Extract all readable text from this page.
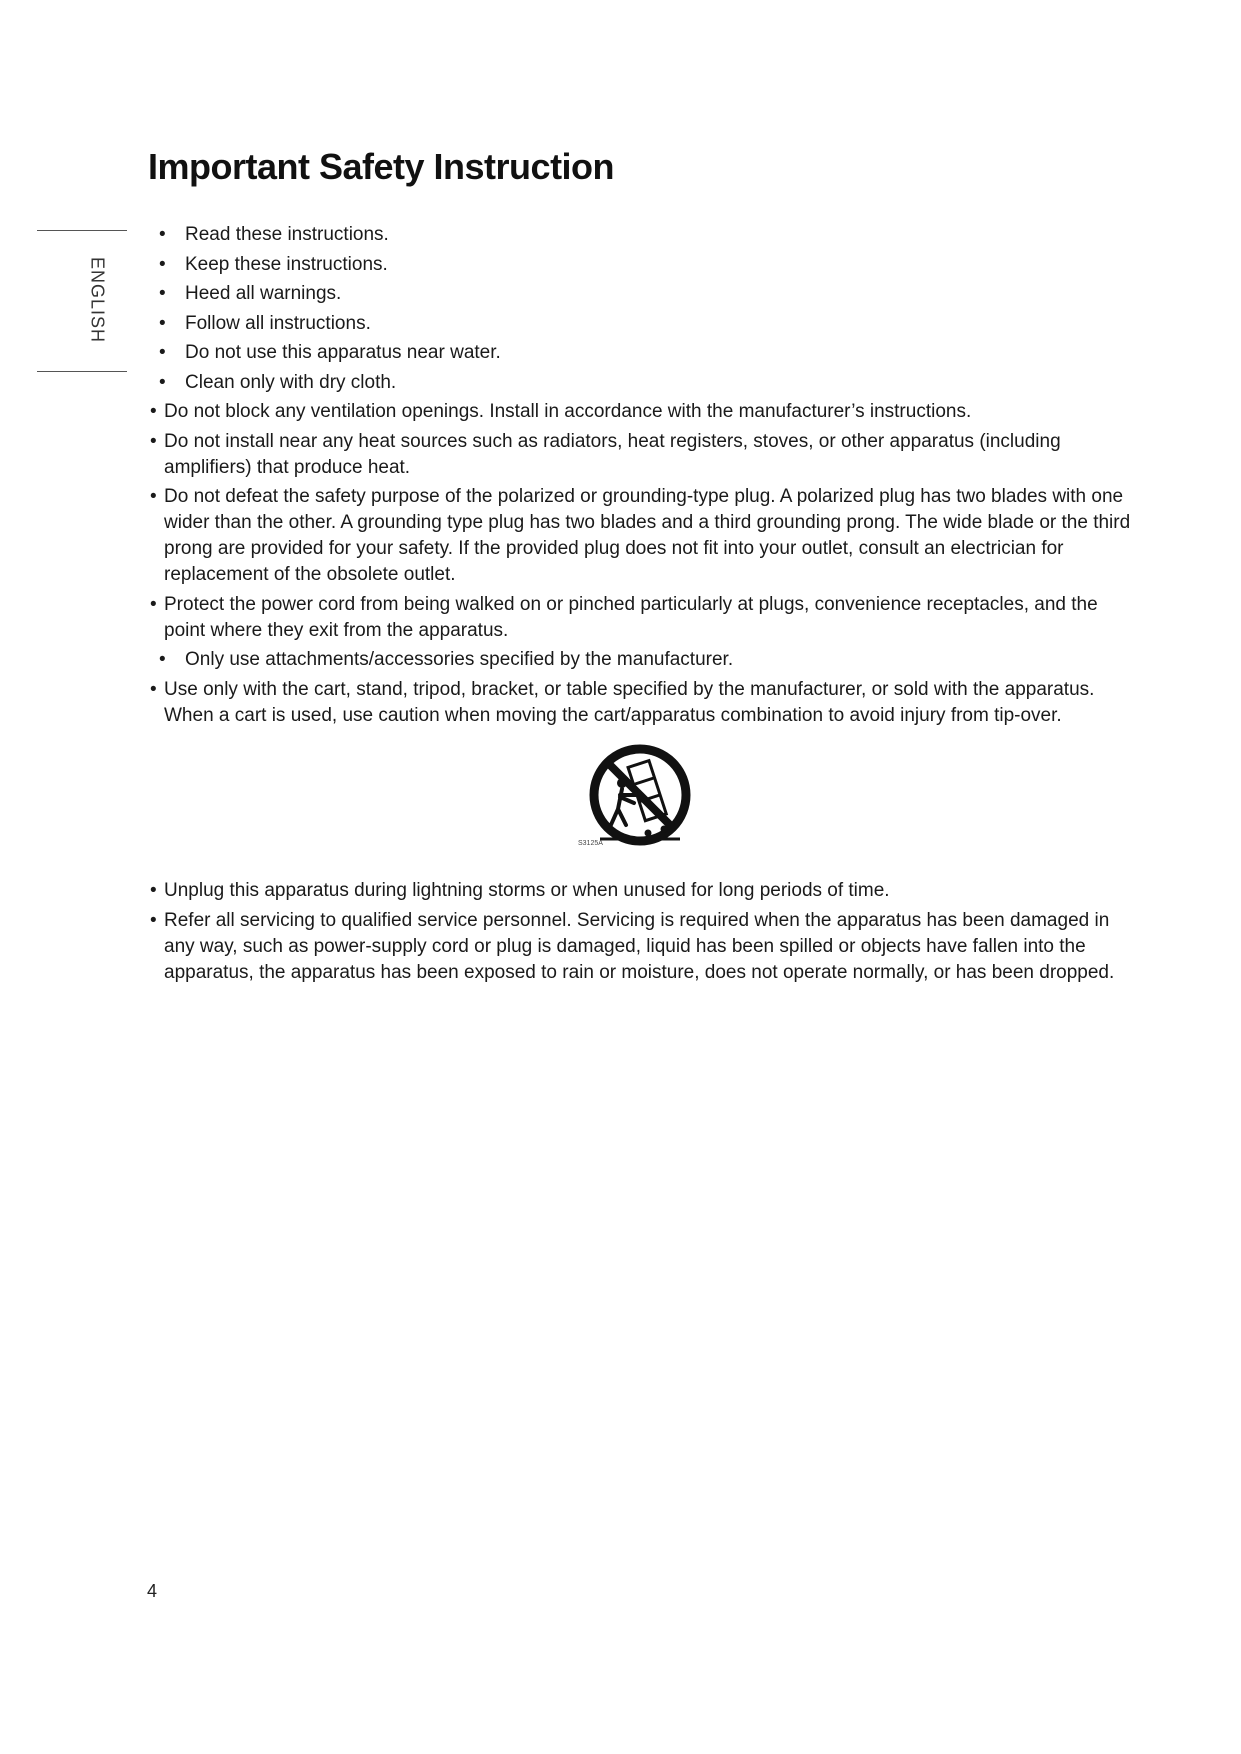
Important Safety Instruction
ENGLISH
• Read these instructions.
• Keep these instructions.
• Heed all warnings.
• Follow all instructions.
• Do not use this apparatus near water.
• Clean only with dry cloth.
• Do not block any ventilation openings. Install in accordance with the manufacturer’s instructions.
• Do not install near any heat sources such as radiators, heat registers, stoves, or other apparatus (including amplifiers) that produce heat.
• Do not defeat the safety purpose of the polarized or grounding-type plug. A polarized plug has two blades with one wider than the other. A grounding type plug has two blades and a third grounding prong. The wide blade or the third prong are provided for your safety. If the provided plug does not fit into your outlet, consult an electrician for replacement of the obsolete outlet.
• Protect the power cord from being walked on or pinched particularly at plugs, convenience receptacles, and the point where they exit from the apparatus.
• Only use attachments/accessories specified by the manufacturer.
• Use only with the cart, stand, tripod, bracket, or table specified by the manufacturer, or sold with the apparatus. When a cart is used, use caution when moving the cart/apparatus combination to avoid injury from tip-over.
S3125A
• Unplug this apparatus during lightning storms or when unused for long periods of time.
• Refer all servicing to qualified service personnel. Servicing is required when the apparatus has been damaged in any way, such as power-supply cord or plug is damaged, liquid has been spilled or objects have fallen into the apparatus, the apparatus has been exposed to rain or moisture, does not operate normally, or has been dropped.
4
